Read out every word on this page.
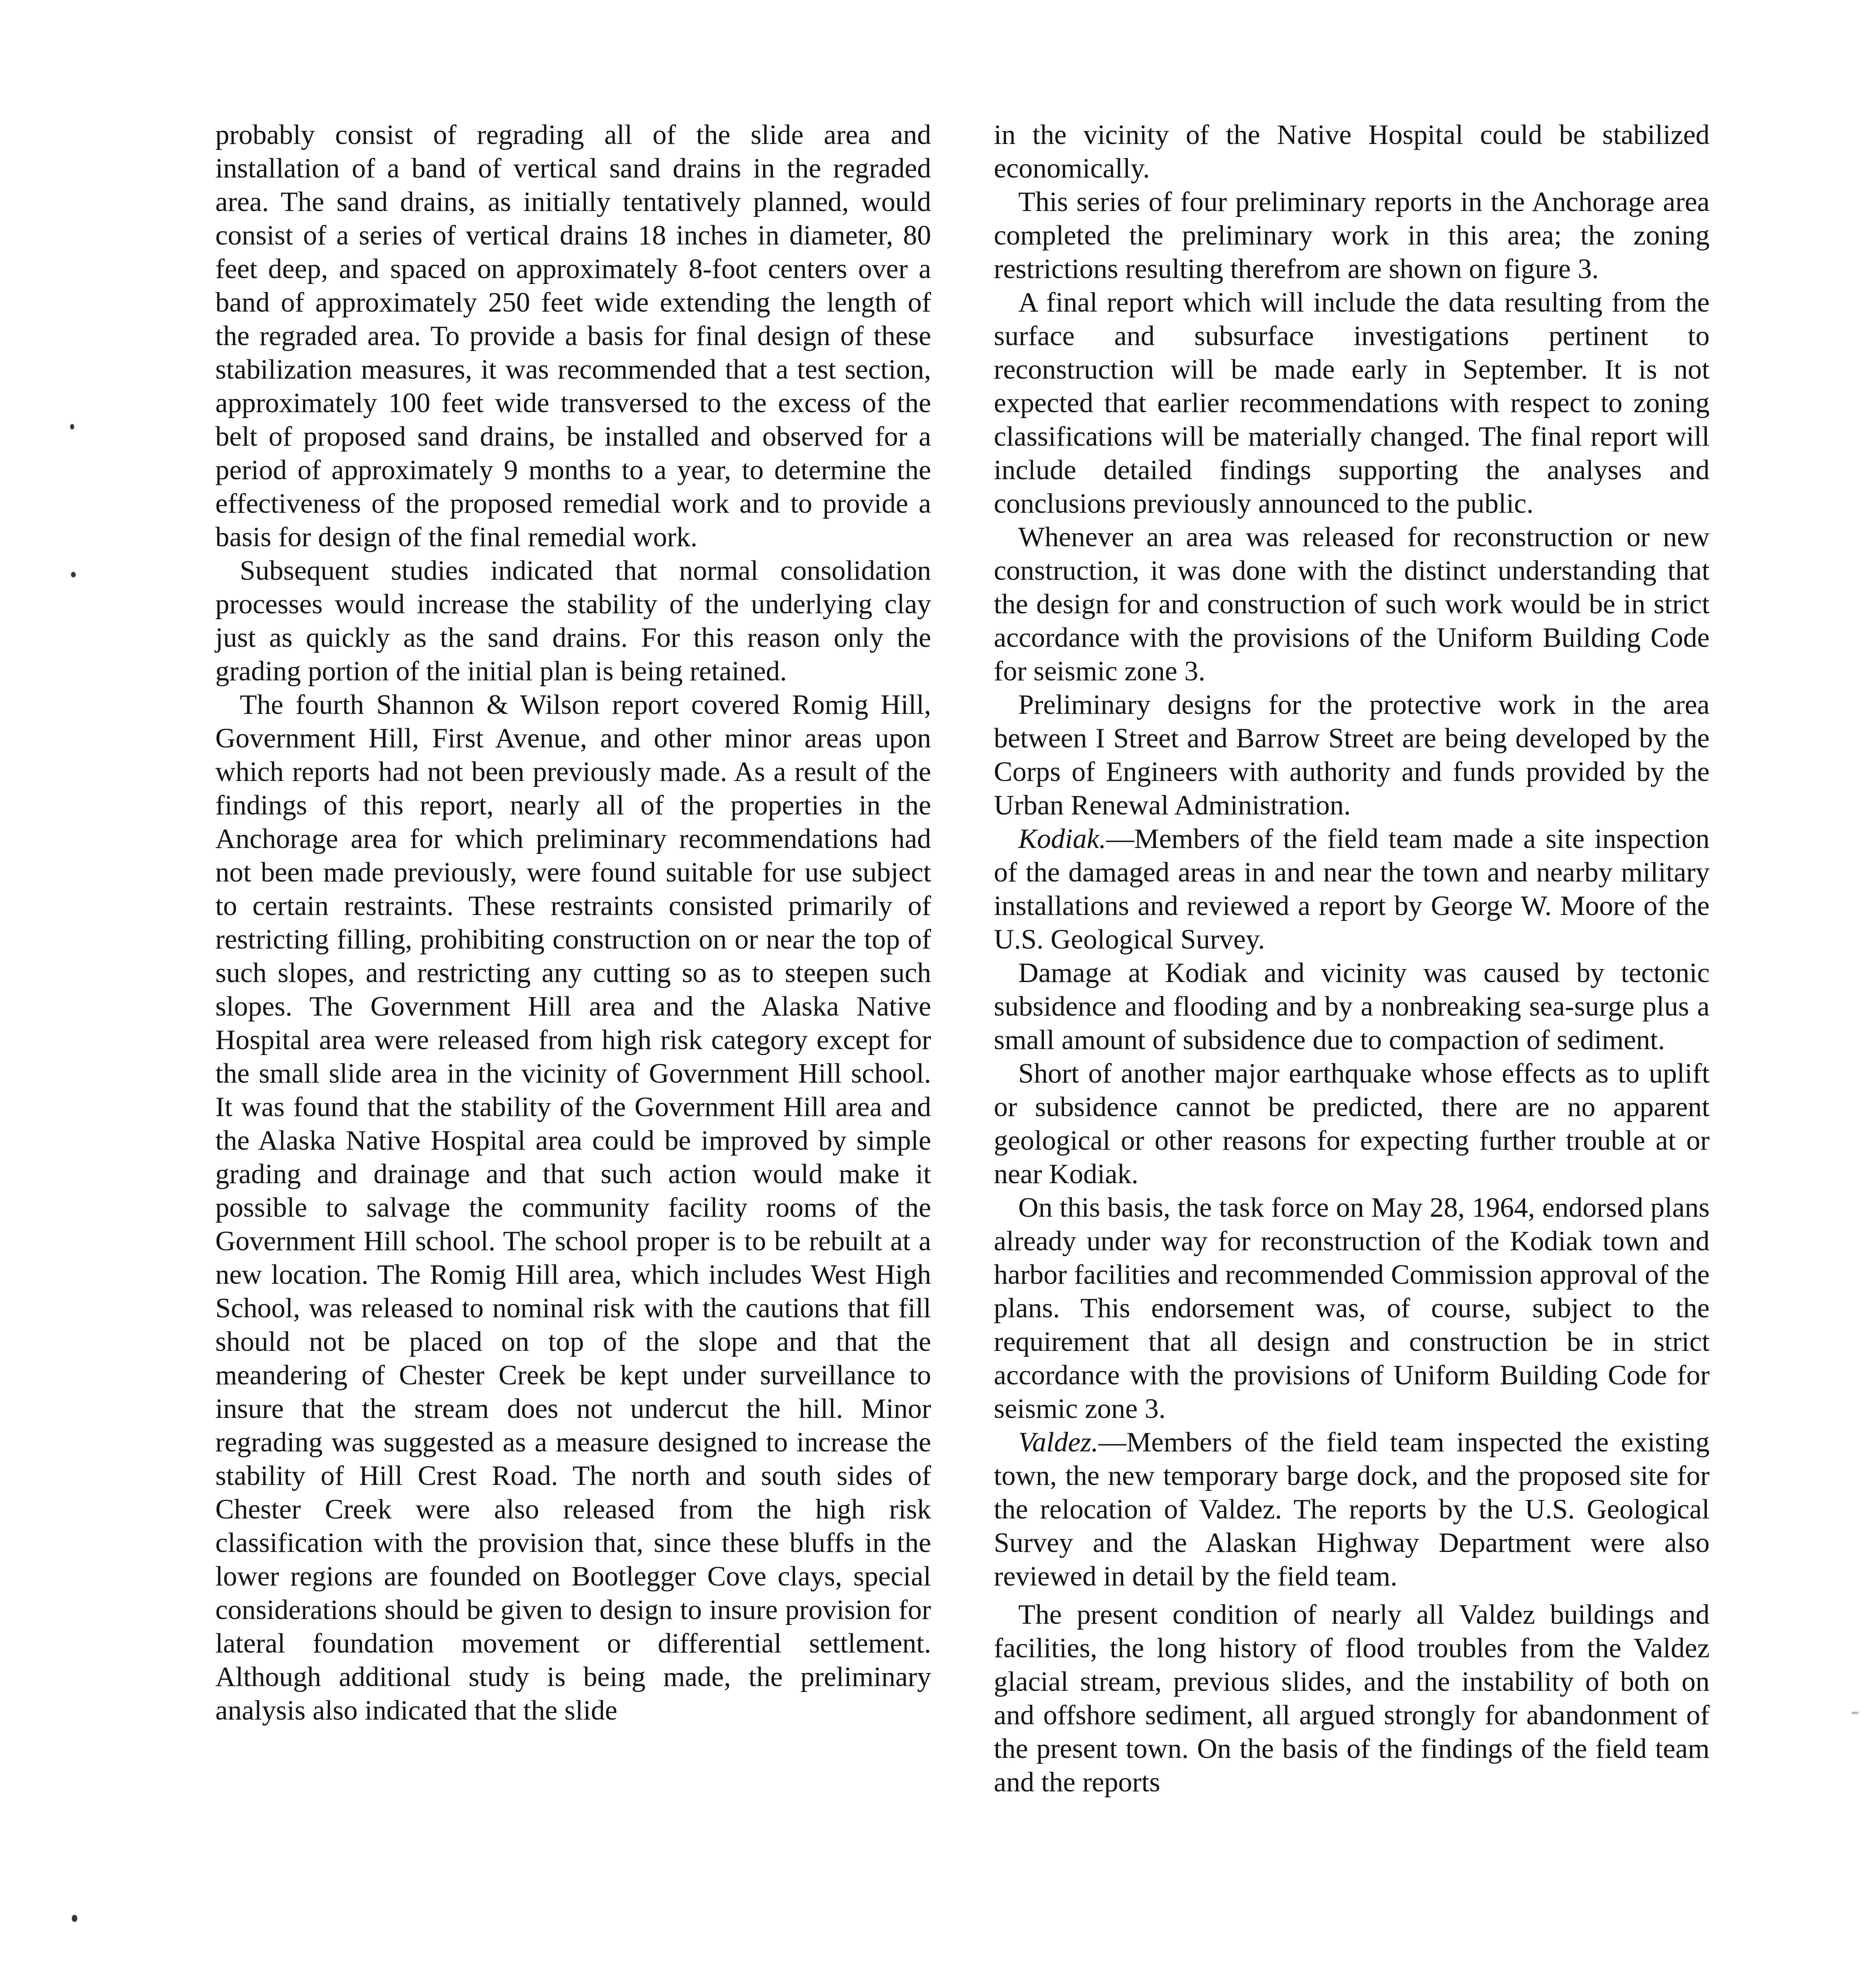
probably consist of regrading all of the slide area and installation of a band of vertical sand drains in the regraded area. The sand drains, as initially tentatively planned, would consist of a series of vertical drains 18 inches in diameter, 80 feet deep, and spaced on approximately 8-foot centers over a band of approximately 250 feet wide extending the length of the regraded area. To provide a basis for final design of these stabilization measures, it was recommended that a test section, approximately 100 feet wide transversed to the excess of the belt of proposed sand drains, be installed and observed for a period of approximately 9 months to a year, to determine the effectiveness of the proposed remedial work and to provide a basis for design of the final remedial work.

Subsequent studies indicated that normal consolidation processes would increase the stability of the underlying clay just as quickly as the sand drains. For this reason only the grading portion of the initial plan is being retained.

The fourth Shannon & Wilson report covered Romig Hill, Government Hill, First Avenue, and other minor areas upon which reports had not been previously made. As a result of the findings of this report, nearly all of the properties in the Anchorage area for which preliminary recommendations had not been made previously, were found suitable for use subject to certain restraints. These restraints consisted primarily of restricting filling, prohibiting construction on or near the top of such slopes, and restricting any cutting so as to steepen such slopes. The Government Hill area and the Alaska Native Hospital area were released from high risk category except for the small slide area in the vicinity of Government Hill school. It was found that the stability of the Government Hill area and the Alaska Native Hospital area could be improved by simple grading and drainage and that such action would make it possible to salvage the community facility rooms of the Government Hill school. The school proper is to be rebuilt at a new location. The Romig Hill area, which includes West High School, was released to nominal risk with the cautions that fill should not be placed on top of the slope and that the meandering of Chester Creek be kept under surveillance to insure that the stream does not undercut the hill. Minor regrading was suggested as a measure designed to increase the stability of Hill Crest Road. The north and south sides of Chester Creek were also released from the high risk classification with the provision that, since these bluffs in the lower regions are founded on Bootlegger Cove clays, special considerations should be given to design to insure provision for lateral foundation movement or differential settlement. Although additional study is being made, the preliminary analysis also indicated that the slide

in the vicinity of the Native Hospital could be stabilized economically.

This series of four preliminary reports in the Anchorage area completed the preliminary work in this area; the zoning restrictions resulting therefrom are shown on figure 3.

A final report which will include the data resulting from the surface and subsurface investigations pertinent to reconstruction will be made early in September. It is not expected that earlier recommendations with respect to zoning classifications will be materially changed. The final report will include detailed findings supporting the analyses and conclusions previously announced to the public.

Whenever an area was released for reconstruction or new construction, it was done with the distinct understanding that the design for and construction of such work would be in strict accordance with the provisions of the Uniform Building Code for seismic zone 3.

Preliminary designs for the protective work in the area between I Street and Barrow Street are being developed by the Corps of Engineers with authority and funds provided by the Urban Renewal Administration.

Kodiak.—Members of the field team made a site inspection of the damaged areas in and near the town and nearby military installations and reviewed a report by George W. Moore of the U.S. Geological Survey.

Damage at Kodiak and vicinity was caused by tectonic subsidence and flooding and by a nonbreaking sea-surge plus a small amount of subsidence due to compaction of sediment.

Short of another major earthquake whose effects as to uplift or subsidence cannot be predicted, there are no apparent geological or other reasons for expecting further trouble at or near Kodiak.

On this basis, the task force on May 28, 1964, endorsed plans already under way for reconstruction of the Kodiak town and harbor facilities and recommended Commission approval of the plans. This endorsement was, of course, subject to the requirement that all design and construction be in strict accordance with the provisions of Uniform Building Code for seismic zone 3.

Valdez.—Members of the field team inspected the existing town, the new temporary barge dock, and the proposed site for the relocation of Valdez. The reports by the U.S. Geological Survey and the Alaskan Highway Department were also reviewed in detail by the field team.

The present condition of nearly all Valdez buildings and facilities, the long history of flood troubles from the Valdez glacial stream, previous slides, and the instability of both on and offshore sediment, all argued strongly for abandonment of the present town. On the basis of the findings of the field team and the reports
